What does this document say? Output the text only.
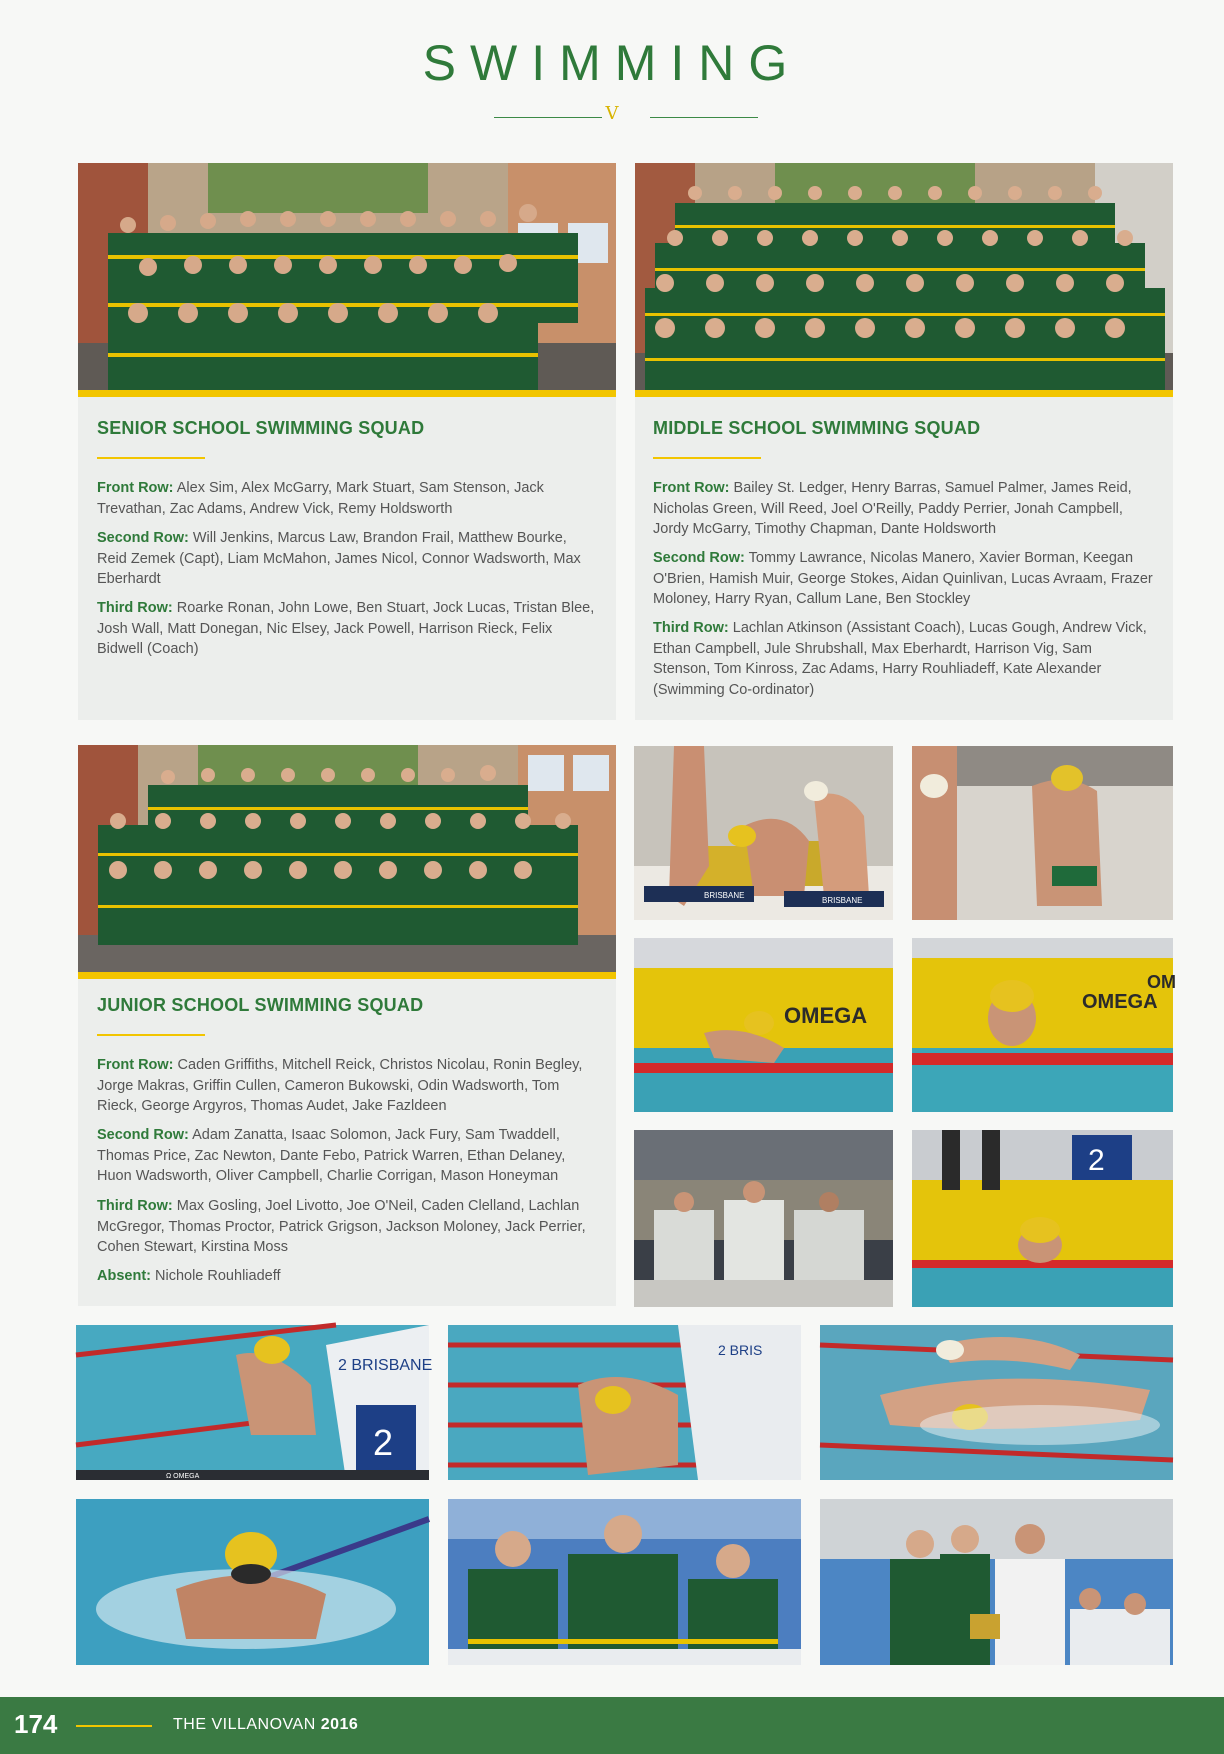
SWIMMING
V
SENIOR SCHOOL SWIMMING SQUAD
Front Row: Alex Sim, Alex McGarry, Mark Stuart, Sam Stenson, Jack Trevathan, Zac Adams, Andrew Vick, Remy Holdsworth
Second Row: Will Jenkins, Marcus Law, Brandon Frail, Matthew Bourke, Reid Zemek (Capt), Liam McMahon, James Nicol, Connor Wadsworth, Max Eberhardt
Third Row: Roarke Ronan, John Lowe, Ben Stuart, Jock Lucas, Tristan Blee, Josh Wall, Matt Donegan, Nic Elsey, Jack Powell, Harrison Rieck, Felix Bidwell (Coach)
MIDDLE SCHOOL SWIMMING SQUAD
Front Row: Bailey St. Ledger, Henry Barras, Samuel Palmer, James Reid, Nicholas Green, Will Reed, Joel O'Reilly, Paddy Perrier, Jonah Campbell, Jordy McGarry, Timothy Chapman, Dante Holdsworth
Second Row: Tommy Lawrance, Nicolas Manero, Xavier Borman, Keegan O'Brien, Hamish Muir, George Stokes, Aidan Quinlivan, Lucas Avraam, Frazer Moloney, Harry Ryan, Callum Lane, Ben Stockley
Third Row: Lachlan Atkinson (Assistant Coach), Lucas Gough, Andrew Vick, Ethan Campbell, Jule Shrubshall, Max Eberhardt, Harrison Vig, Sam Stenson, Tom Kinross, Zac Adams, Harry Rouhliadeff, Kate Alexander (Swimming Co-ordinator)
JUNIOR SCHOOL SWIMMING SQUAD
Front Row: Caden Griffiths, Mitchell Reick, Christos Nicolau, Ronin Begley, Jorge Makras, Griffin Cullen, Cameron Bukowski, Odin Wadsworth, Tom Rieck, George Argyros, Thomas Audet, Jake Fazldeen
Second Row: Adam Zanatta, Isaac Solomon, Jack Fury, Sam Twaddell, Thomas Price, Zac Newton, Dante Febo, Patrick Warren, Ethan Delaney, Huon Wadsworth, Oliver Campbell, Charlie Corrigan, Mason Honeyman
Third Row: Max Gosling, Joel Livotto, Joe O'Neil, Caden Clelland, Lachlan McGregor, Thomas Proctor, Patrick Grigson, Jackson Moloney, Jack Perrier, Cohen Stewart, Kirstina Moss
Absent: Nichole Rouhliadeff
BRISBANE
BRISBANE
OMEGA
OMEGA
OM
2
2
2 BRISBANE
Ω OMEGA
2 BRIS
174	THE VILLANOVAN 2016
